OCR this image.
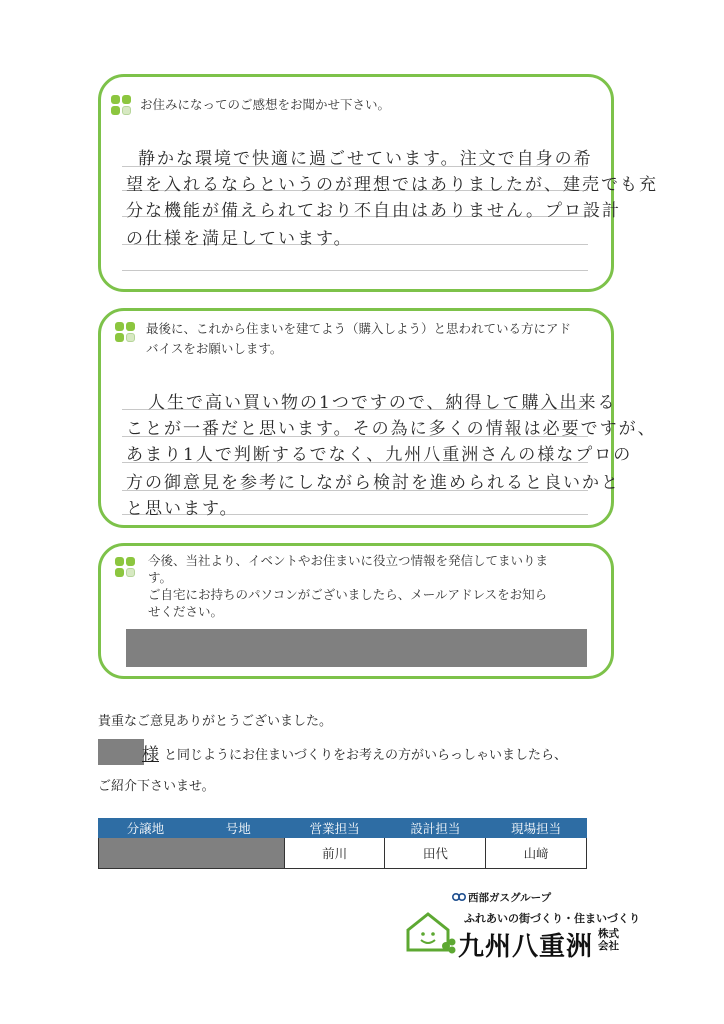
お住みになってのご感想をお聞かせ下さい。
静かな環境で快適に過ごせています。注文で自身の希
望を入れるならというのが理想ではありましたが、建売でも充
分な機能が備えられており不自由はありません。プロ設計
の仕様を満足しています。
最後に、これから住まいを建てよう（購入しよう）と思われている方にアド
バイスをお願いします。
人生で高い買い物の1つですので、納得して購入出来る
ことが一番だと思います。その為に多くの情報は必要ですが、
あまり1人で判断するでなく、九州八重洲さんの様なプロの
方の御意見を参考にしながら検討を進められると良いかと
と思います。
今後、当社より、イベントやお住まいに役立つ情報を発信してまいりま
す。
ご自宅にお持ちのパソコンがございましたら、メールアドレスをお知ら
せください。
貴重なご意見ありがとうございました。
様 と同じようにお住まいづくりをお考えの方がいらっしゃいましたら、
ご紹介下さいませ。
分譲地	号地	営業担当	設計担当	現場担当
		前川	田代	山﨑
西部ガスグループ
ふれあいの街づくり・住まいづくり
九州八重洲 株式会社
